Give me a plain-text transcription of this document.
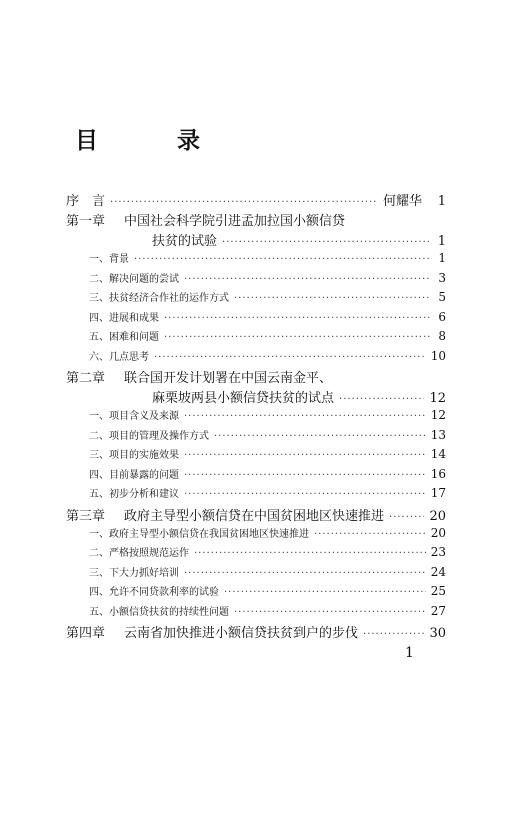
目　录
序　言 ·····	何耀华 1
第一章 中国社会科学院引进孟加拉国小额信贷
扶贫的试验 ·····	1
一、背景 ·····	1
二、解决问题的尝试 ·····	3
三、扶贫经济合作社的运作方式 ·····	5
四、进展和成果 ·····	6
五、困难和问题 ·····	8
六、几点思考 ·····	10
第二章 联合国开发计划署在中国云南金平、
麻栗坡两县小额信贷扶贫的试点 ·····	12
一、项目含义及来源 ·····	12
二、项目的管理及操作方式 ·····	13
三、项目的实施效果 ·····	14
四、目前暴露的问题 ·····	16
五、初步分析和建议 ·····	17
第三章 政府主导型小额信贷在中国贫困地区快速推进 ·····	20
一、政府主导型小额信贷在我国贫困地区快速推进 ·····	20
二、严格按照规范运作 ·····	23
三、下大力抓好培训 ·····	24
四、允许不同贷款利率的试验 ·····	25
五、小额信贷扶贫的持续性问题 ·····	27
第四章 云南省加快推进小额信贷扶贫到户的步伐 ·····	30
1
